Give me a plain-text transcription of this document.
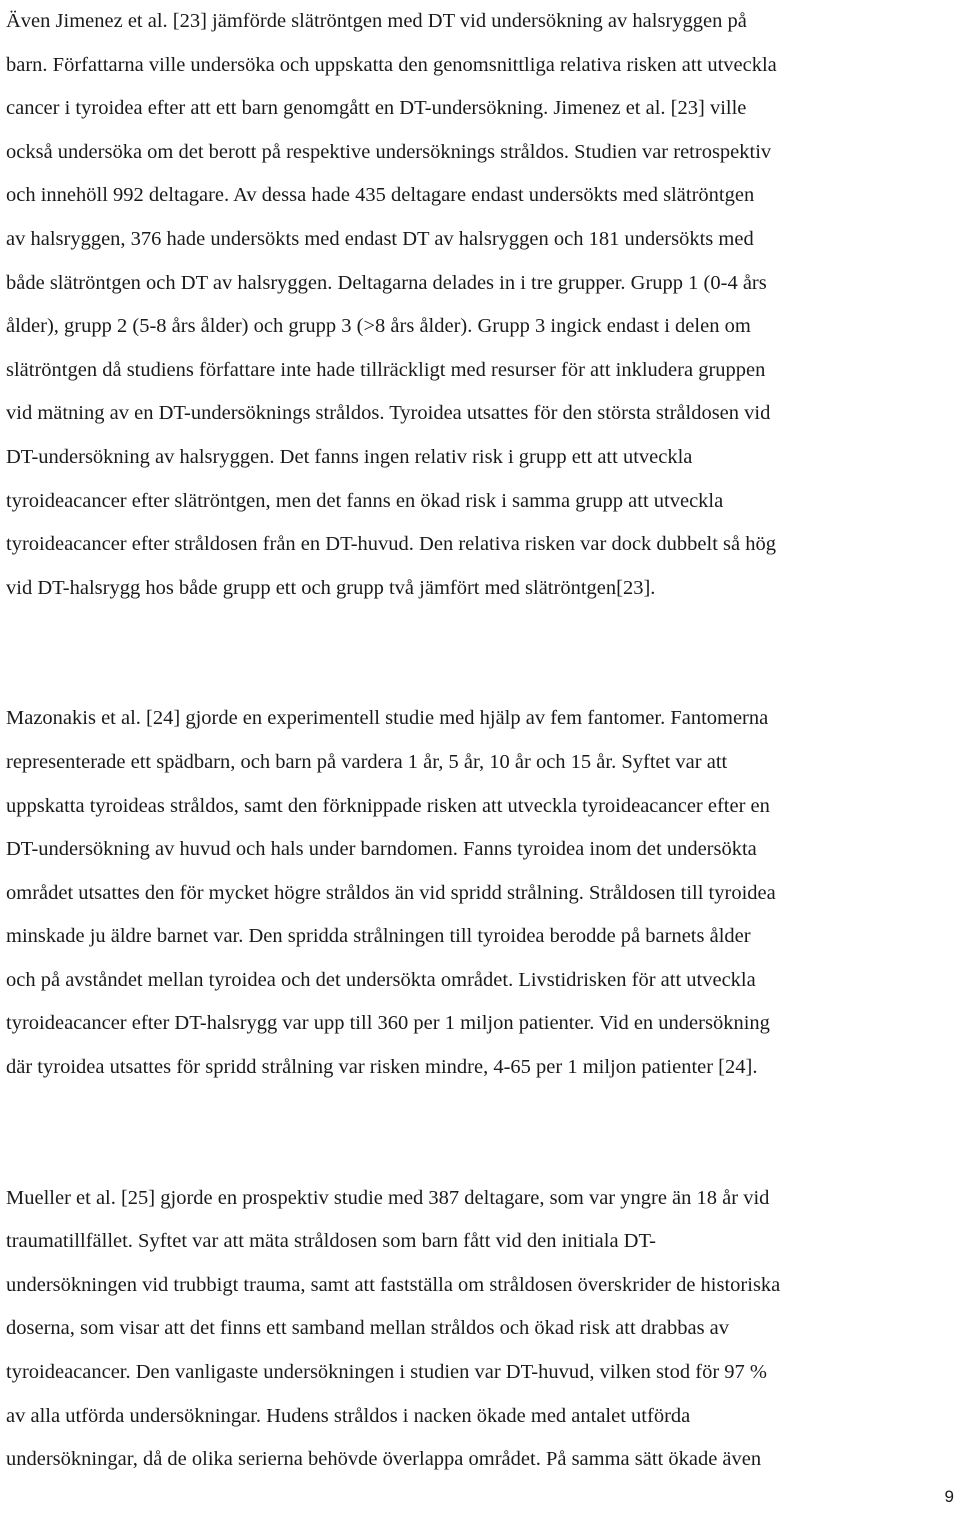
Även Jimenez et al. [23] jämförde slätröntgen med DT vid undersökning av halsryggen på
barn. Författarna ville undersöka och uppskatta den genomsnittliga relativa risken att utveckla
cancer i tyroidea efter att ett barn genomgått en DT-undersökning. Jimenez et al. [23] ville
också undersöka om det berott på respektive undersöknings stråldos. Studien var retrospektiv
och innehöll 992 deltagare. Av dessa hade 435 deltagare endast undersökts med slätröntgen
av halsryggen, 376 hade undersökts med endast DT av halsryggen och 181 undersökts med
både slätröntgen och DT av halsryggen. Deltagarna delades in i tre grupper. Grupp 1 (0-4 års
ålder), grupp 2 (5-8 års ålder) och grupp 3 (>8 års ålder). Grupp 3 ingick endast i delen om
slätröntgen då studiens författare inte hade tillräckligt med resurser för att inkludera gruppen
vid mätning av en DT-undersöknings stråldos. Tyroidea utsattes för den största stråldosen vid
DT-undersökning av halsryggen. Det fanns ingen relativ risk i grupp ett att utveckla
tyroideacancer efter slätröntgen, men det fanns en ökad risk i samma grupp att utveckla
tyroideacancer efter stråldosen från en DT-huvud. Den relativa risken var dock dubbelt så hög
vid DT-halsrygg hos både grupp ett och grupp två jämfört med slätröntgen[23].
Mazonakis et al. [24] gjorde en experimentell studie med hjälp av fem fantomer. Fantomerna
representerade ett spädbarn, och barn på vardera 1 år, 5 år, 10 år och 15 år. Syftet var att
uppskatta tyroideas stråldos, samt den förknippade risken att utveckla tyroideacancer efter en
DT-undersökning av huvud och hals under barndomen. Fanns tyroidea inom det undersökta
området utsattes den för mycket högre stråldos än vid spridd strålning. Stråldosen till tyroidea
minskade ju äldre barnet var. Den spridda strålningen till tyroidea berodde på barnets ålder
och på avståndet mellan tyroidea och det undersökta området. Livstidrisken för att utveckla
tyroideacancer efter DT-halsrygg var upp till 360 per 1 miljon patienter. Vid en undersökning
där tyroidea utsattes för spridd strålning var risken mindre, 4-65 per 1 miljon patienter [24].
Mueller et al. [25] gjorde en prospektiv studie med 387 deltagare, som var yngre än 18 år vid
traumatillfället. Syftet var att mäta stråldosen som barn fått vid den initiala DT-
undersökningen vid trubbigt trauma, samt att fastställa om stråldosen överskrider de historiska
doserna, som visar att det finns ett samband mellan stråldos och ökad risk att drabbas av
tyroideacancer. Den vanligaste undersökningen i studien var DT-huvud, vilken stod för 97 %
av alla utförda undersökningar. Hudens stråldos i nacken ökade med antalet utförda
undersökningar, då de olika serierna behövde överlappa området. På samma sätt ökade även
9
